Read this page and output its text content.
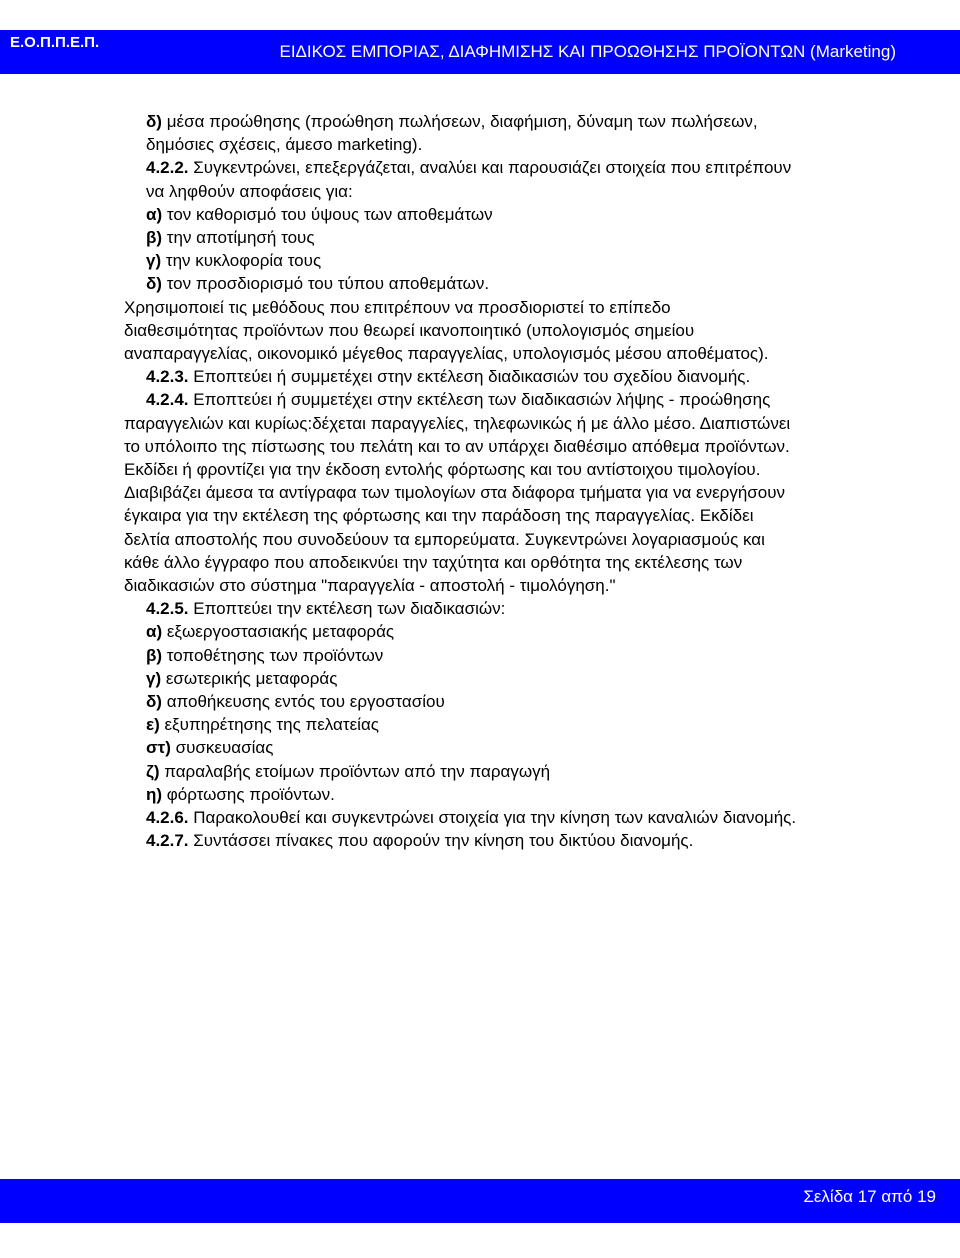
Ε.Ο.Π.Π.Ε.Π.	ΕΙΔΙΚΟΣ ΕΜΠΟΡΙΑΣ, ΔΙΑΦΗΜΙΣΗΣ ΚΑΙ ΠΡΟΩΘΗΣΗΣ ΠΡΟΪΟΝΤΩΝ (Marketing)
δ) μέσα προώθησης (προώθηση πωλήσεων, διαφήμιση, δύναμη των πωλήσεων,
δημόσιες σχέσεις, άμεσο marketing).
4.2.2. Συγκεντρώνει, επεξεργάζεται, αναλύει και παρουσιάζει στοιχεία που επιτρέπουν
να ληφθούν αποφάσεις για:
α) τον καθορισμό του ύψους των αποθεμάτων
β) την αποτίμησή τους
γ) την κυκλοφορία τους
δ) τον προσδιορισμό του τύπου αποθεμάτων.
Χρησιμοποιεί τις μεθόδους που επιτρέπουν να προσδιοριστεί το επίπεδο
διαθεσιμότητας προϊόντων που θεωρεί ικανοποιητικό (υπολογισμός σημείου
αναπαραγγελίας, οικονομικό μέγεθος παραγγελίας, υπολογισμός μέσου αποθέματος).
4.2.3. Εποπτεύει ή συμμετέχει στην εκτέλεση διαδικασιών του σχεδίου διανομής.
4.2.4. Εποπτεύει ή συμμετέχει στην εκτέλεση των διαδικασιών λήψης - προώθησης
παραγγελιών και κυρίως:δέχεται παραγγελίες, τηλεφωνικώς ή με άλλο μέσο. Διαπιστώνει
το υπόλοιπο της πίστωσης του πελάτη και το αν υπάρχει διαθέσιμο απόθεμα προϊόντων.
Εκδίδει ή φροντίζει για την έκδοση εντολής φόρτωσης και του αντίστοιχου τιμολογίου.
Διαβιβάζει άμεσα τα αντίγραφα των τιμολογίων στα διάφορα τμήματα για να ενεργήσουν
έγκαιρα για την εκτέλεση της φόρτωσης και την παράδοση της παραγγελίας. Εκδίδει
δελτία αποστολής που συνοδεύουν τα εμπορεύματα. Συγκεντρώνει λογαριασμούς και
κάθε άλλο έγγραφο που αποδεικνύει την ταχύτητα και ορθότητα της εκτέλεσης των
διαδικασιών στο σύστημα "παραγγελία - αποστολή - τιμολόγηση."
4.2.5. Εποπτεύει την εκτέλεση των διαδικασιών:
α) εξωεργοστασιακής μεταφοράς
β) τοποθέτησης των προϊόντων
γ) εσωτερικής μεταφοράς
δ) αποθήκευσης εντός του εργοστασίου
ε) εξυπηρέτησης της πελατείας
στ) συσκευασίας
ζ) παραλαβής ετοίμων προϊόντων από την παραγωγή
η) φόρτωσης προϊόντων.
4.2.6. Παρακολουθεί και συγκεντρώνει στοιχεία για την κίνηση των καναλιών διανομής.
4.2.7. Συντάσσει πίνακες που αφορούν την κίνηση του δικτύου διανομής.
Σελίδα 17 από 19
